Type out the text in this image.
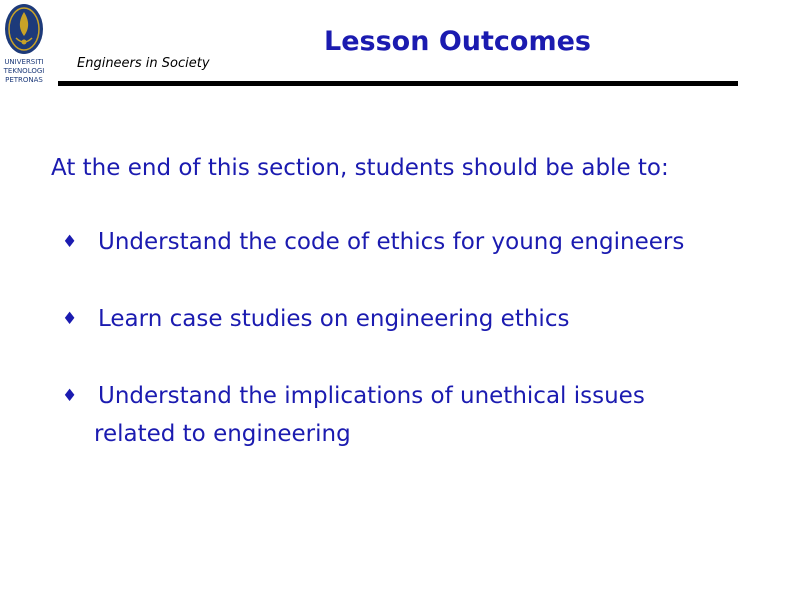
UNIVERSITI
TEKNOLOGI
PETRONAS
Engineers in Society
Lesson Outcomes
At the end of this section, students should be able to:
♦ Understand the code of ethics for young engineers
♦ Learn case studies on engineering ethics
♦ Understand the implications of unethical issues
related to engineering
